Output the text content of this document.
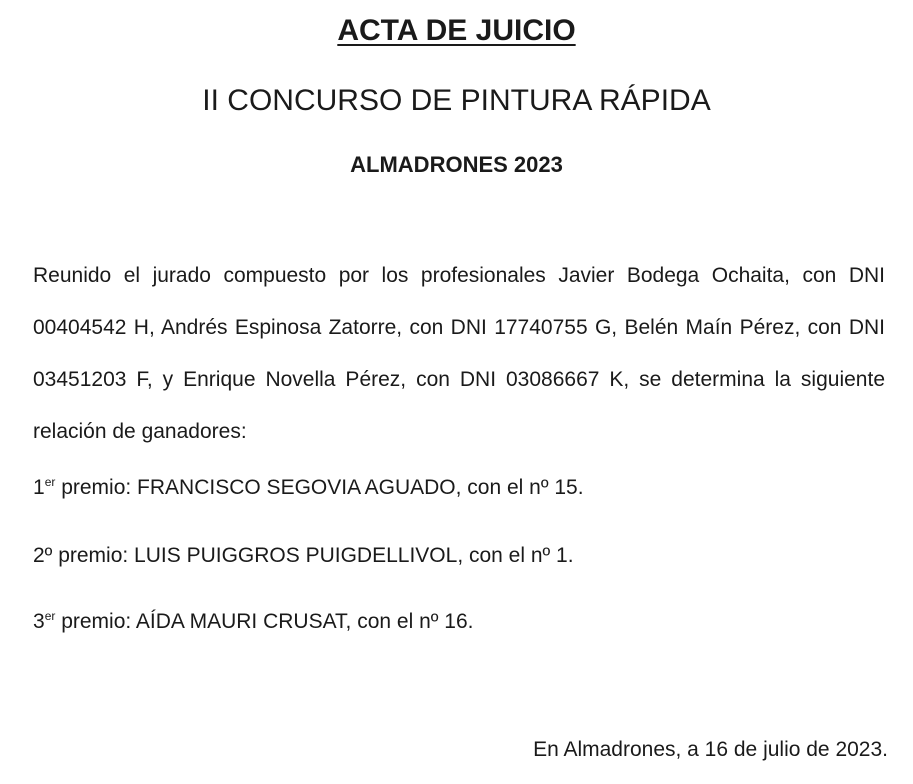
ACTA DE JUICIO
II CONCURSO DE PINTURA RÁPIDA
ALMADRONES 2023

Reunido el jurado compuesto por los profesionales Javier Bodega Ochaita, con DNI 00404542 H, Andrés Espinosa Zatorre, con DNI 17740755 G, Belén Maín Pérez, con DNI 03451203 F, y Enrique Novella Pérez, con DNI 03086667 K, se determina la siguiente relación de ganadores:

1er premio: FRANCISCO SEGOVIA AGUADO, con el nº 15.

2º premio: LUIS PUIGGROS PUIGDELLIVOL, con el nº 1.

3er premio: AÍDA MAURI CRUSAT, con el nº 16.

En Almadrones, a 16 de julio de 2023.
